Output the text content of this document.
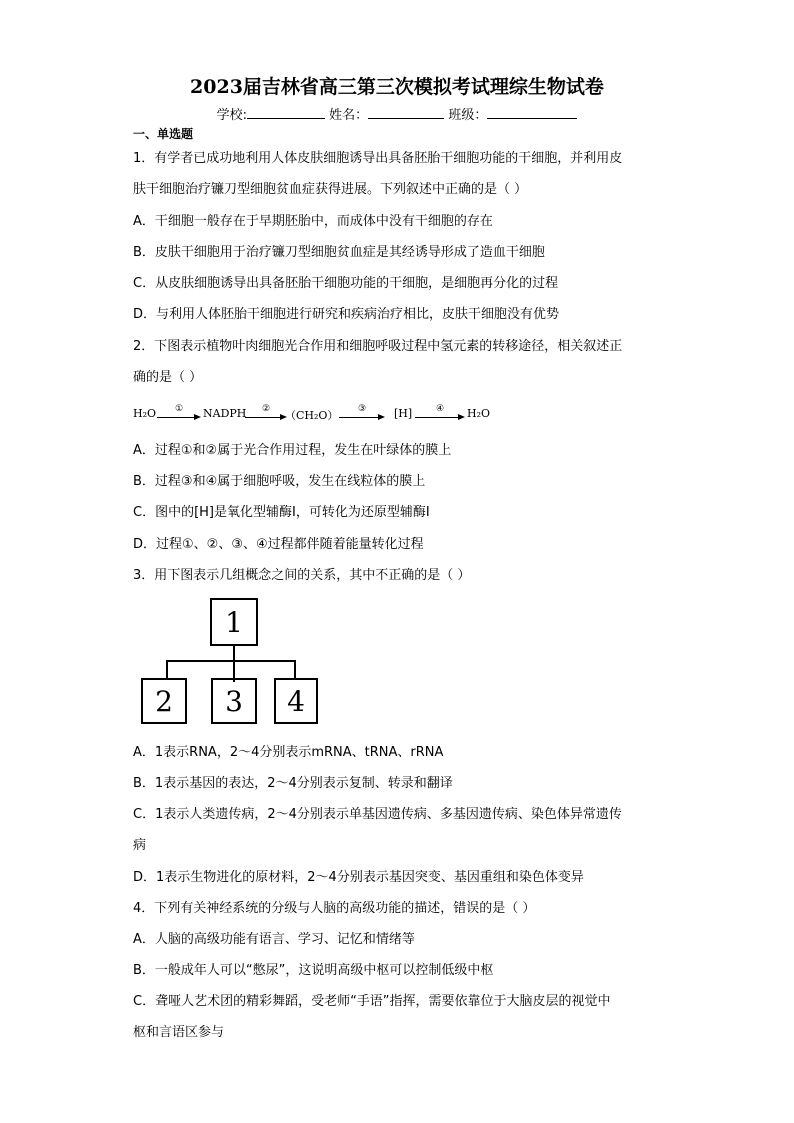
2023届吉林省高三第三次模拟考试理综生物试卷
学校:	姓名：	班级：
一、单选题
1．有学者已成功地利用人体皮肤细胞诱导出具备胚胎干细胞功能的干细胞，并利用皮
肤干细胞治疗镰刀型细胞贫血症获得进展。下列叙述中正确的是（ ）
A．干细胞一般存在于早期胚胎中，而成体中没有干细胞的存在
B．皮肤干细胞用于治疗镰刀型细胞贫血症是其经诱导形成了造血干细胞
C．从皮肤细胞诱导出具备胚胎干细胞功能的干细胞，是细胞再分化的过程
D．与利用人体胚胎干细胞进行研究和疾病治疗相比，皮肤干细胞没有优势
2．下图表示植物叶肉细胞光合作用和细胞呼吸过程中氢元素的转移途径，相关叙述正
确的是（ ）
H₂O	①	NADPH	②	（CH₂O）	③	[H]	④	H₂O
A．过程①和②属于光合作用过程，发生在叶绿体的膜上
B．过程③和④属于细胞呼吸，发生在线粒体的膜上
C．图中的[H]是氧化型辅酶Ⅰ，可转化为还原型辅酶Ⅰ
D．过程①、②、③、④过程都伴随着能量转化过程
3．用下图表示几组概念之间的关系，其中不正确的是（ ）
1
2	3	4
A．1表示RNA，2～4分别表示mRNA、tRNA、rRNA
B．1表示基因的表达，2～4分别表示复制、转录和翻译
C．1表示人类遗传病，2～4分别表示单基因遗传病、多基因遗传病、染色体异常遗传
病
D．1表示生物进化的原材料，2～4分别表示基因突变、基因重组和染色体变异
4．下列有关神经系统的分级与人脑的高级功能的描述，错误的是（ ）
A．人脑的高级功能有语言、学习、记忆和情绪等
B．一般成年人可以“憋尿”，这说明高级中枢可以控制低级中枢
C．聋哑人艺术团的精彩舞蹈，受老师“手语”指挥，需要依靠位于大脑皮层的视觉中
枢和言语区参与
